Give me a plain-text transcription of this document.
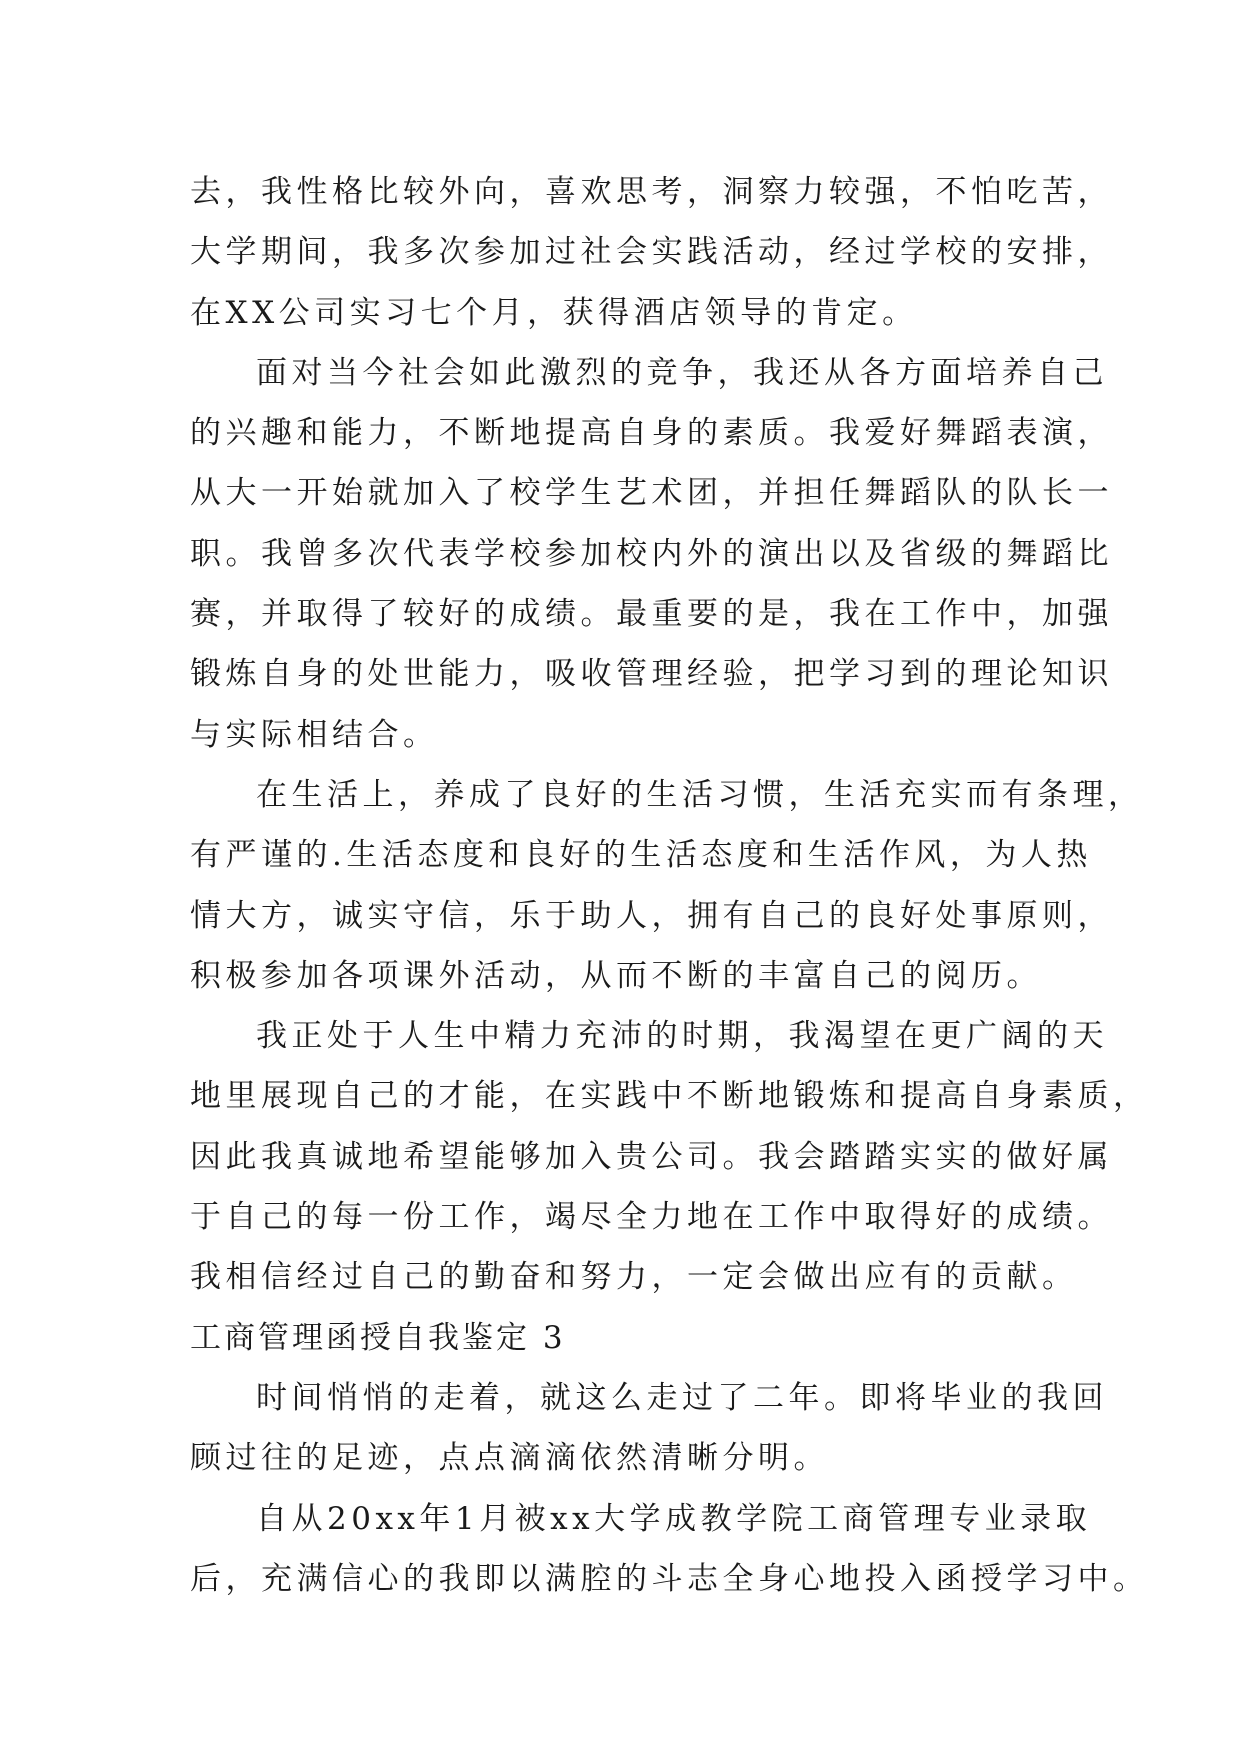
去，我性格比较外向，喜欢思考，洞察力较强，不怕吃苦，
大学期间，我多次参加过社会实践活动，经过学校的安排，
在XX公司实习七个月，获得酒店领导的肯定。
面对当今社会如此激烈的竞争，我还从各方面培养自己
的兴趣和能力，不断地提高自身的素质。我爱好舞蹈表演，
从大一开始就加入了校学生艺术团，并担任舞蹈队的队长一
职。我曾多次代表学校参加校内外的演出以及省级的舞蹈比
赛，并取得了较好的成绩。最重要的是，我在工作中，加强
锻炼自身的处世能力，吸收管理经验，把学习到的理论知识
与实际相结合。
在生活上，养成了良好的生活习惯，生活充实而有条理，
有严谨的.生活态度和良好的生活态度和生活作风，为人热
情大方，诚实守信，乐于助人，拥有自己的良好处事原则，
积极参加各项课外活动，从而不断的丰富自己的阅历。
我正处于人生中精力充沛的时期，我渴望在更广阔的天
地里展现自己的才能，在实践中不断地锻炼和提高自身素质，
因此我真诚地希望能够加入贵公司。我会踏踏实实的做好属
于自己的每一份工作，竭尽全力地在工作中取得好的成绩。
我相信经过自己的勤奋和努力，一定会做出应有的贡献。
工商管理函授自我鉴定 3
时间悄悄的走着，就这么走过了二年。即将毕业的我回
顾过往的足迹，点点滴滴依然清晰分明。
自从20xx年1月被xx大学成教学院工商管理专业录取
后，充满信心的我即以满腔的斗志全身心地投入函授学习中。
